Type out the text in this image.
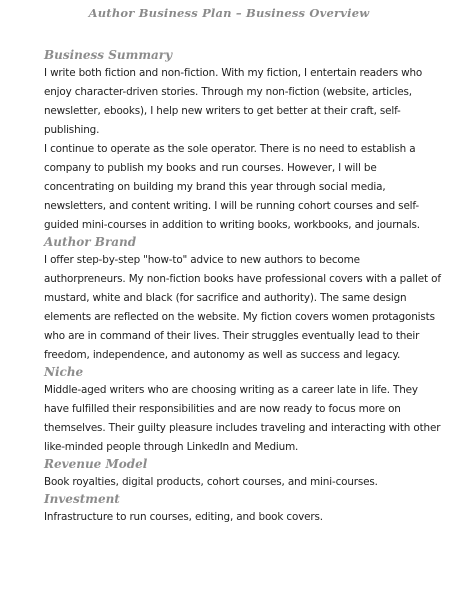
Author Business Plan – Business Overview
Business Summary

I write both fiction and non-fiction. With my fiction, I entertain readers who enjoy character-driven stories. Through my non-fiction (website, articles, newsletter, ebooks), I help new writers to get better at their craft, self-publishing.

I continue to operate as the sole operator. There is no need to establish a company to publish my books and run courses. However, I will be concentrating on building my brand this year through social media, newsletters, and content writing. I will be running cohort courses and self-guided mini-courses in addition to writing books, workbooks, and journals.

Author Brand

I offer step-by-step "how-to" advice to new authors to become authorpreneurs. My non-fiction books have professional covers with a pallet of mustard, white and black (for sacrifice and authority). The same design elements are reflected on the website. My fiction covers women protagonists who are in command of their lives. Their struggles eventually lead to their freedom, independence, and autonomy as well as success and legacy.

Niche

Middle-aged writers who are choosing writing as a career late in life. They have fulfilled their responsibilities and are now ready to focus more on themselves. Their guilty pleasure includes traveling and interacting with other like-minded people through LinkedIn and Medium.

Revenue Model

Book royalties, digital products, cohort courses, and mini-courses.

Investment

Infrastructure to run courses, editing, and book covers.
